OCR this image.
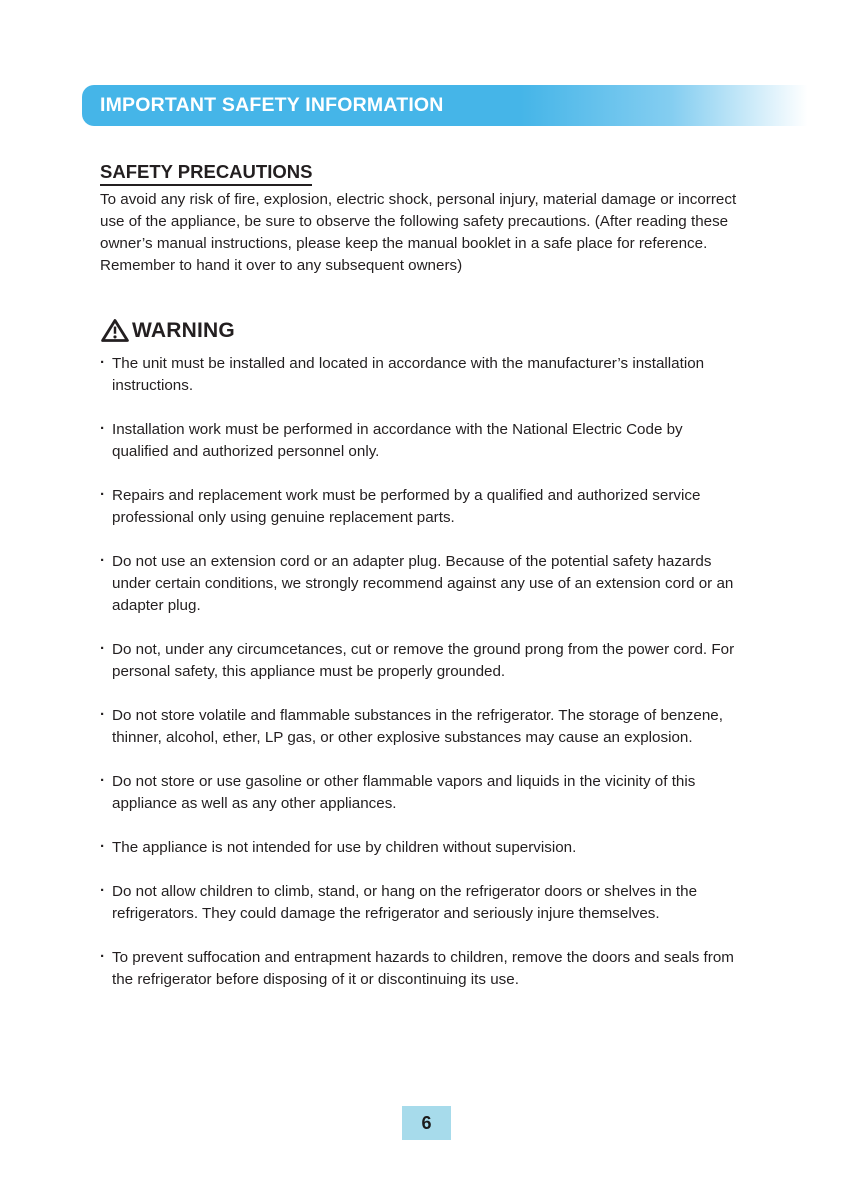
IMPORTANT SAFETY INFORMATION
SAFETY PRECAUTIONS

To avoid any risk of fire, explosion, electric shock, personal injury, material damage or incorrect use of the appliance, be sure to observe the following safety precautions. (After reading these owner’s manual instructions, please keep the manual booklet in a safe place for reference. Remember to hand it over to any subsequent owners)

WARNING
· The unit must be installed and located in accordance with the manufacturer’s installation instructions.
· Installation work must be performed in accordance with the National Electric Code by qualified and authorized personnel only.
· Repairs and replacement work must be performed by a qualified and authorized service professional only using genuine replacement parts.
· Do not use an extension cord or an adapter plug. Because of the potential safety hazards under certain conditions, we strongly recommend against any use of an extension cord or an adapter plug.
· Do not, under any circumcetances, cut or remove the ground prong from the power cord. For personal safety, this appliance must be properly grounded.
· Do not store volatile and flammable substances in the refrigerator. The storage of benzene, thinner, alcohol, ether, LP gas, or other explosive substances may cause an explosion.
· Do not store or use gasoline or other flammable vapors and liquids in the vicinity of this appliance as well as any other appliances.
· The appliance is not intended for use by children without supervision.
· Do not allow children to climb, stand, or hang on the refrigerator doors or shelves in the refrigerators. They could damage the refrigerator and seriously injure themselves.
· To prevent suffocation and entrapment hazards to children, remove the doors and seals from the refrigerator before disposing of it or discontinuing its use.
6
